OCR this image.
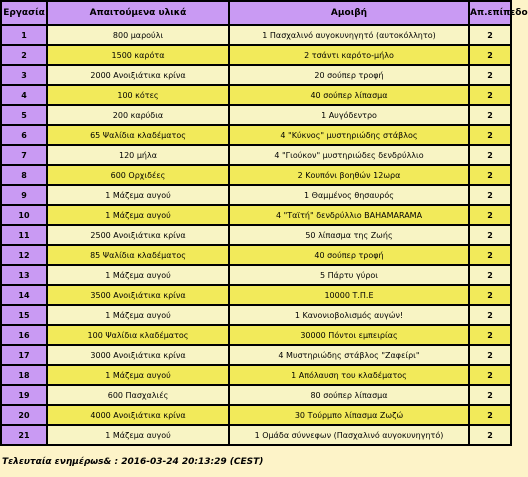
Εργασία	Απαιτούμενα υλικά	Αμοιβή	Απ.επίπεδο
1	800 μαρούλι	1 Πασχαλινό αυγοκυνηγητό (αυτοκόλλητο)	2
2	1500 καρότα	2 τσάντι καρότο-μήλο	2
3	2000 Ανοιξιάτικα κρίνα	20 σούπερ τροφή	2
4	100 κότες	40 σούπερ λίπασμα	2
5	200 καρύδια	1 Αυγόδεντρο	2
6	65 Ψαλίδια κλαδέματος	4 "Κύκνος" μυστηριώδης στάβλος	2
7	120 μήλα	4 "Γιούκον" μυστηριώδες δενδρύλλιο	2
8	600 Ορχιδέες	2 Κουπόνι βοηθών 12ωρα	2
9	1 Μάζεμα αυγού	1 Θαμμένος θησαυρός	2
10	1 Μάζεμα αυγού	4 "Ταϊτή" δενδρύλλιο BAHAMARAMA	2
11	2500 Ανοιξιάτικα κρίνα	50 λίπασμα της Ζωής	2
12	85 Ψαλίδια κλαδέματος	40 σούπερ τροφή	2
13	1 Μάζεμα αυγού	5 Πάρτυ γύροι	2
14	3500 Ανοιξιάτικα κρίνα	10000 Τ.Π.Ε	2
15	1 Μάζεμα αυγού	1 Κανονιοβολισμός αυγών!	2
16	100 Ψαλίδια κλαδέματος	30000 Πόντοι εμπειρίας	2
17	3000 Ανοιξιάτικα κρίνα	4 Μυστηριώδης στάβλος "Ζαφείρι"	2
18	1 Μάζεμα αυγού	1 Απόλαυση του κλαδέματος	2
19	600 Πασχαλιές	80 σούπερ λίπασμα	2
20	4000 Ανοιξιάτικα κρίνα	30 Τούρμπο λίπασμα Ζωζώ	2
21	1 Μάζεμα αυγού	1 Ομάδα σύννεφων (Πασχαλινό αυγοκυνηγητό)	2
Τελευταία ενημέρωs& : 2016-03-24 20:13:29 (CEST)
